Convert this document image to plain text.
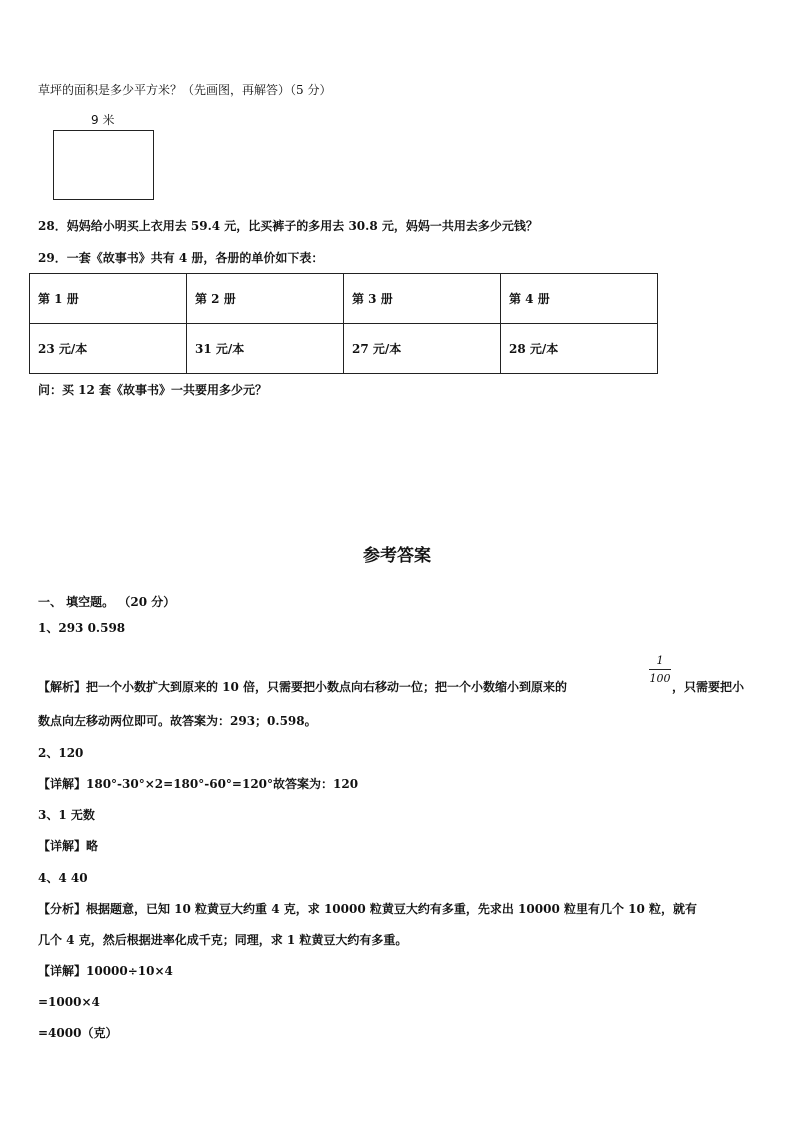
草坪的面积是多少平方米？（先画图，再解答）（5 分）
9 米
28．妈妈给小明买上衣用去 59.4 元，比买裤子的多用去 30.8 元，妈妈一共用去多少元钱？
29．一套《故事书》共有 4 册，各册的单价如下表：
第 1 册	第 2 册	第 3 册	第 4 册
23 元/本	31 元/本	27 元/本	28 元/本
问：买 12 套《故事书》一共要用多少元？
参考答案
一、 填空题。 （20 分）
1、293 0.598
【解析】把一个小数扩大到原来的 10 倍，只需要把小数点向右移动一位；把一个小数缩小到原来的
$\frac{1}{100}$
，只需要把小
数点向左移动两位即可。故答案为：293；0.598。
2、120
【详解】180°-30°×2=180°-60°=120°故答案为：120
3、1 无数
【详解】略
4、4 40
【分析】根据题意，已知 10 粒黄豆大约重 4 克，求 10000 粒黄豆大约有多重，先求出 10000 粒里有几个 10 粒，就有
几个 4 克，然后根据进率化成千克；同理，求 1 粒黄豆大约有多重。
【详解】10000÷10×4
=1000×4
=4000（克）
